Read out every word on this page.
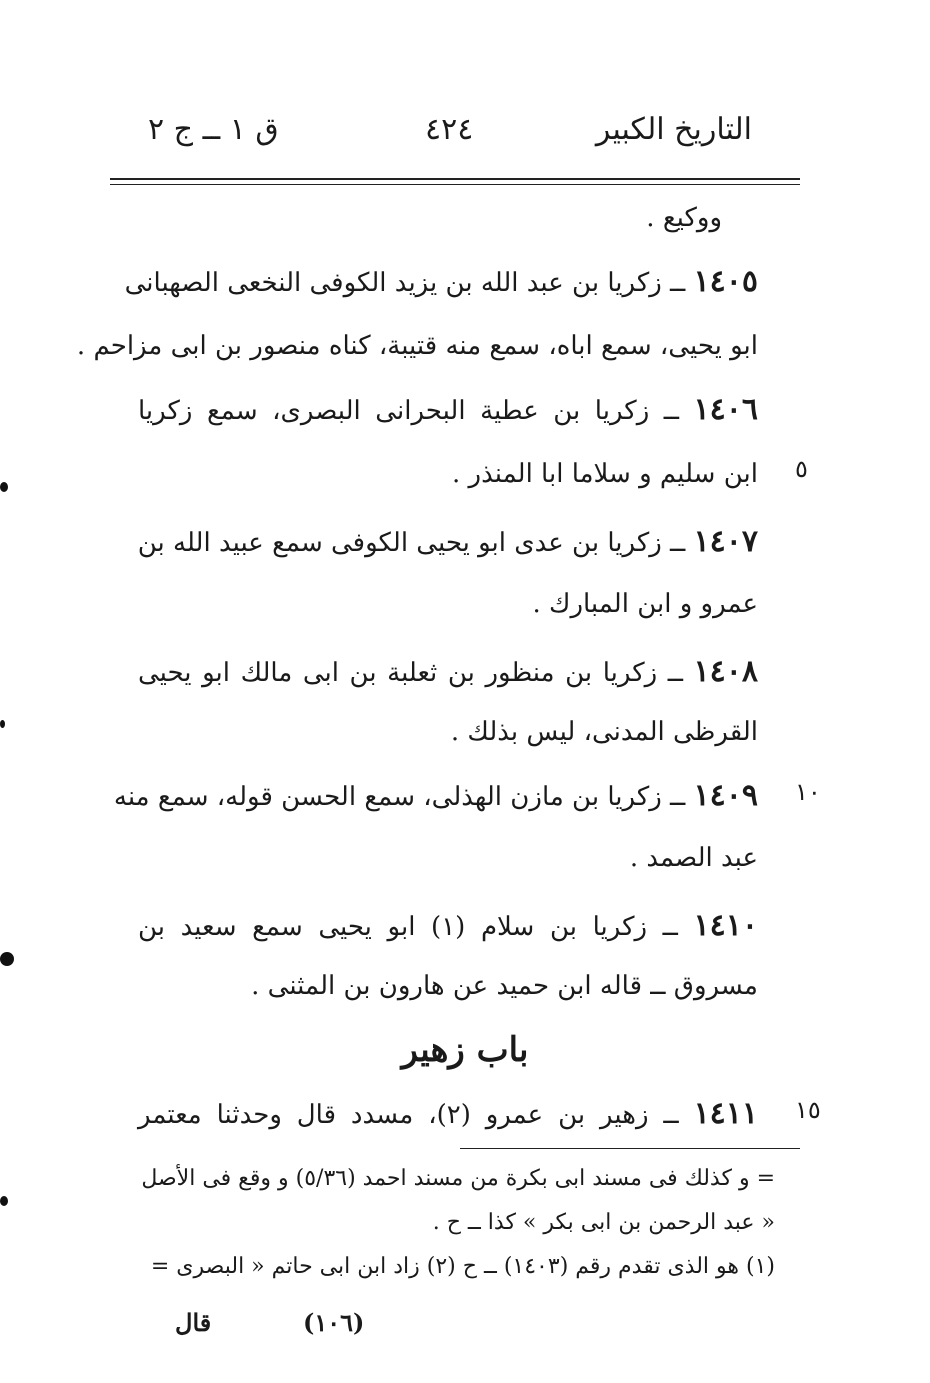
التاريخ الكبير
٤٢٤
ق ١ ــ ج ٢
ووكيع .
١٤٠٥ ــ زكريا بن عبد الله بن يزيد الكوفى النخعى الصهبانى
ابو يحيى، سمع اباه، سمع منه قتيبة، كناه منصور بن ابى مزاحم .
١٤٠٦ ــ زكريا بن عطية البحرانى البصرى، سمع زكريا
ابن سليم و سلاما ابا المنذر .
١٤٠٧ ــ زكريا بن عدى ابو يحيى الكوفى سمع عبيد الله بن
عمرو و ابن المبارك .
١٤٠٨ ــ زكريا بن منظور بن ثعلبة بن ابى مالك ابو يحيى
القرظى المدنى، ليس بذلك .
١٤٠٩ ــ زكريا بن مازن الهذلى، سمع الحسن قوله، سمع منه
عبد الصمد .
١٤١٠ ــ زكريا بن سلام (١) ابو يحيى سمع سعيد بن
مسروق ــ قاله ابن حميد عن هارون بن المثنى .
باب زهير
١٤١١ ــ زهير بن عمرو (٢)، مسدد قال وحدثنا معتمر
٥
١٠
١٥
= و كذلك فى مسند ابى بكرة من مسند احمد (٥/٣٦) و وقع فى الأصل
« عبد الرحمن بن ابى بكر » كذا ــ ح .
(١) هو الذى تقدم رقم (١٤٠٣) ــ ح (٢) زاد ابن ابى حاتم « البصرى =
(١٠٦)
قال
